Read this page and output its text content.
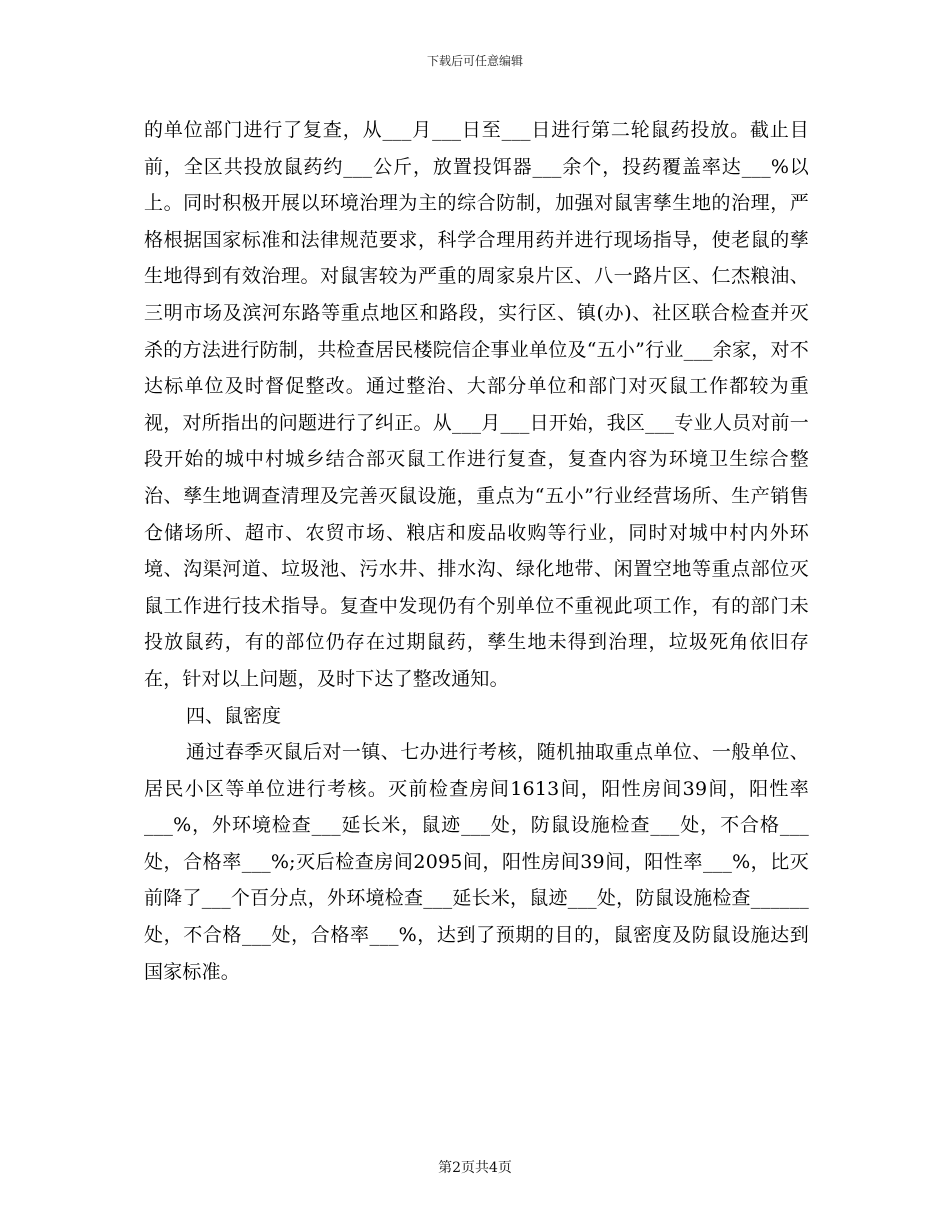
下载后可任意编辑

的单位部门进行了复查，从___月___日至___日进行第二轮鼠药投放。截止目前，全区共投放鼠药约___公斤，放置投饵器___余个，投药覆盖率达___%以上。同时积极开展以环境治理为主的综合防制，加强对鼠害孳生地的治理，严格根据国家标准和法律规范要求，科学合理用药并进行现场指导，使老鼠的孳生地得到有效治理。对鼠害较为严重的周家泉片区、八一路片区、仁杰粮油、三明市场及滨河东路等重点地区和路段，实行区、镇(办)、社区联合检查并灭杀的方法进行防制，共检查居民楼院信企事业单位及“五小”行业___余家，对不达标单位及时督促整改。通过整治、大部分单位和部门对灭鼠工作都较为重视，对所指出的问题进行了纠正。从___月___日开始，我区___专业人员对前一段开始的城中村城乡结合部灭鼠工作进行复查，复查内容为环境卫生综合整治、孳生地调查清理及完善灭鼠设施，重点为“五小”行业经营场所、生产销售仓储场所、超市、农贸市场、粮店和废品收购等行业，同时对城中村内外环境、沟渠河道、垃圾池、污水井、排水沟、绿化地带、闲置空地等重点部位灭鼠工作进行技术指导。复查中发现仍有个别单位不重视此项工作，有的部门未投放鼠药，有的部位仍存在过期鼠药，孳生地未得到治理，垃圾死角依旧存在，针对以上问题，及时下达了整改通知。

四、鼠密度

通过春季灭鼠后对一镇、七办进行考核，随机抽取重点单位、一般单位、居民小区等单位进行考核。灭前检查房间1613间，阳性房间39间，阳性率___%，外环境检查___延长米，鼠迹___处，防鼠设施检查___处，不合格___处，合格率___%;灭后检查房间2095间，阳性房间39间，阳性率___%，比灭前降了___个百分点，外环境检查___延长米，鼠迹___处，防鼠设施检查______处，不合格___处，合格率___%，达到了预期的目的，鼠密度及防鼠设施达到国家标准。

第2页共4页
